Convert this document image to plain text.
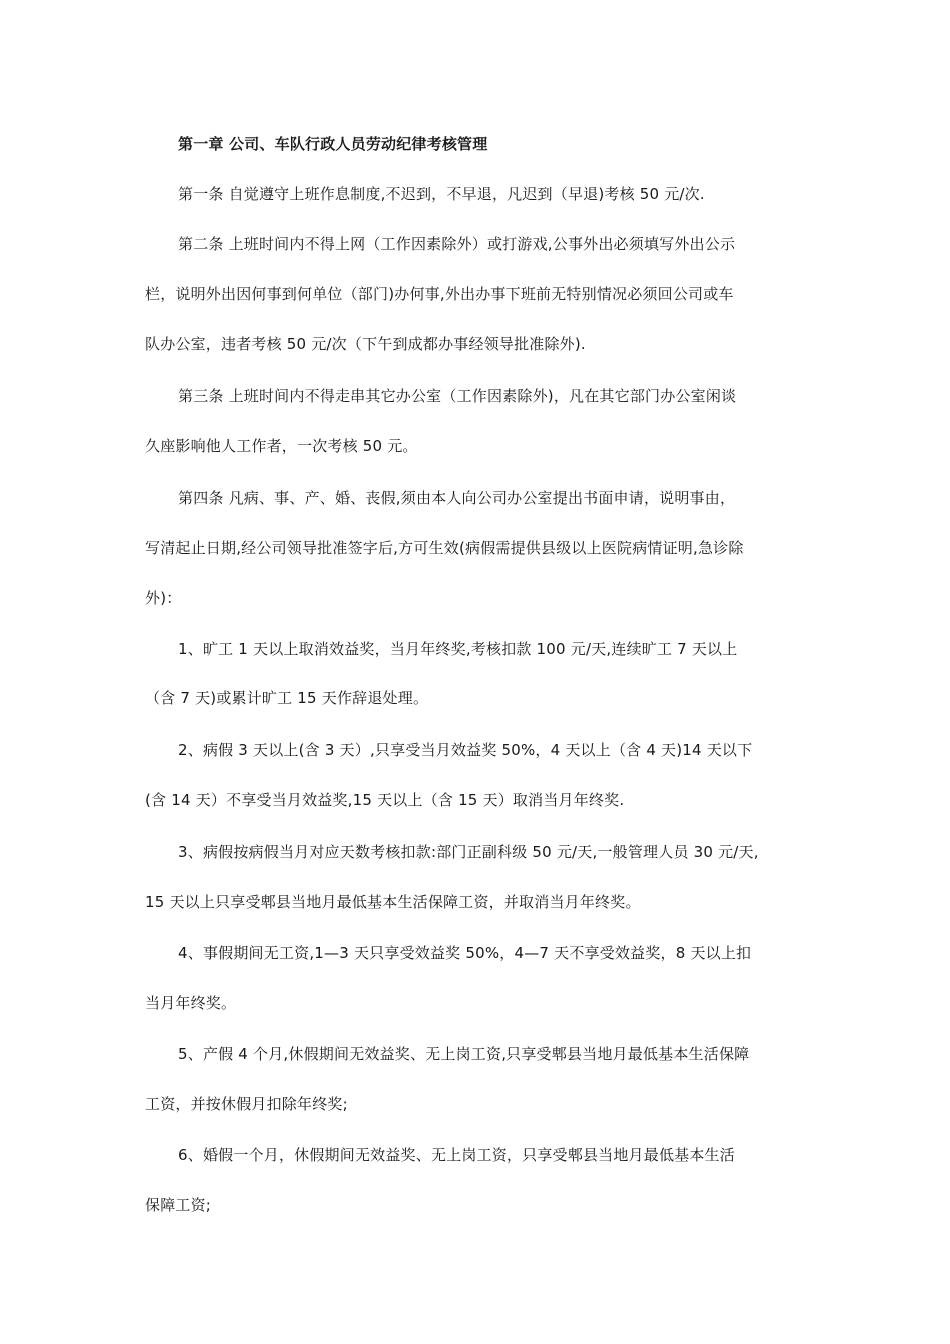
第一章 公司、车队行政人员劳动纪律考核管理
第一条 自觉遵守上班作息制度,不迟到，不早退，凡迟到（早退)考核 50 元/次.
第二条 上班时间内不得上网（工作因素除外）或打游戏,公事外出必须填写外出公示
栏，说明外出因何事到何单位（部门)办何事,外出办事下班前无特别情况必须回公司或车
队办公室，违者考核 50 元/次（下午到成都办事经领导批准除外).
第三条 上班时间内不得走串其它办公室（工作因素除外)，凡在其它部门办公室闲谈
久座影响他人工作者，一次考核 50 元。
第四条 凡病、事、产、婚、丧假,须由本人向公司办公室提出书面申请，说明事由，
写清起止日期,经公司领导批准签字后,方可生效(病假需提供县级以上医院病情证明,急诊除
外)：
1、旷工 1 天以上取消效益奖，当月年终奖,考核扣款 100 元/天,连续旷工 7 天以上
（含 7 天)或累计旷工 15 天作辞退处理。
2、病假 3 天以上(含 3 天）,只享受当月效益奖 50%，4 天以上（含 4 天)14 天以下
(含 14 天）不享受当月效益奖,15 天以上（含 15 天）取消当月年终奖.
3、病假按病假当月对应天数考核扣款:部门正副科级 50 元/天,一般管理人员 30 元/天,
15 天以上只享受郫县当地月最低基本生活保障工资，并取消当月年终奖。
4、事假期间无工资,1—3 天只享受效益奖 50%，4—7 天不享受效益奖，8 天以上扣
当月年终奖。
5、产假 4 个月,休假期间无效益奖、无上岗工资,只享受郫县当地月最低基本生活保障
工资，并按休假月扣除年终奖;
6、婚假一个月，休假期间无效益奖、无上岗工资，只享受郫县当地月最低基本生活
保障工资;
